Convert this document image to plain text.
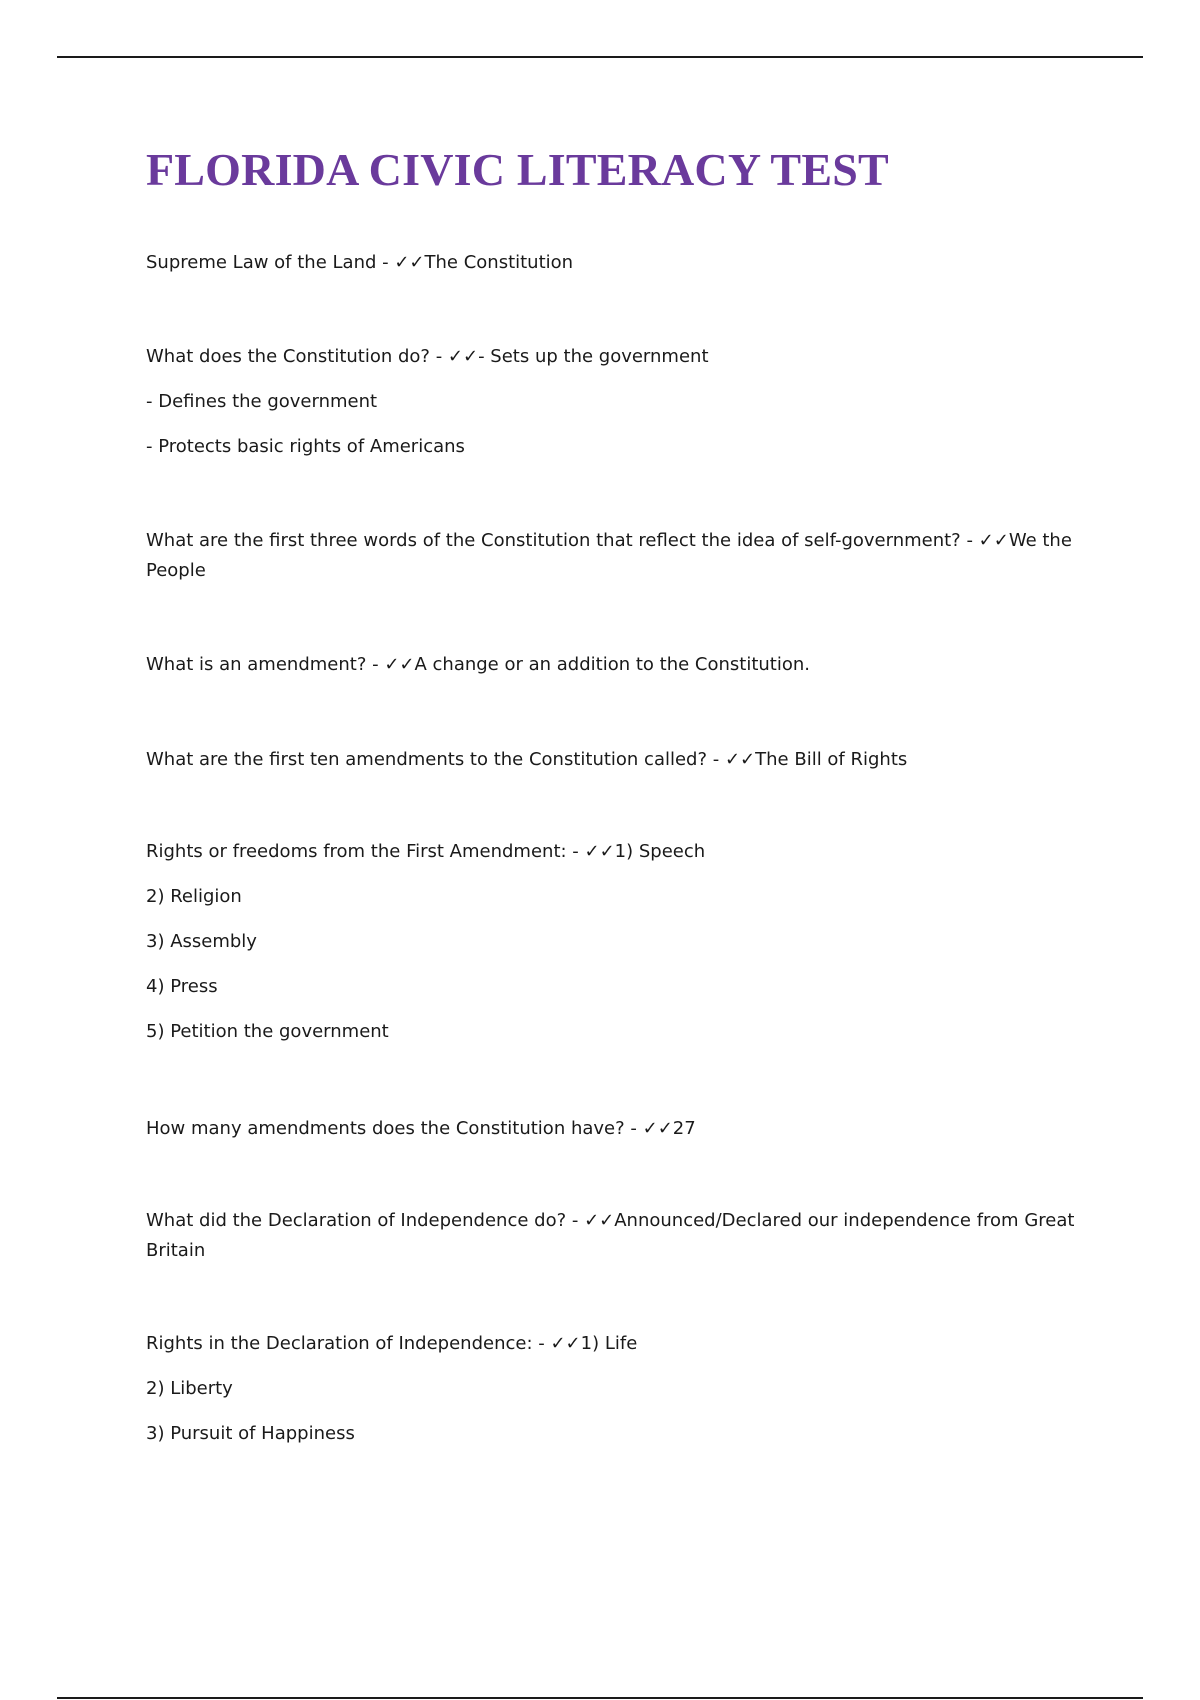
FLORIDA CIVIC LITERACY TEST

Supreme Law of the Land - ✓✓The Constitution

What does the Constitution do? - ✓✓- Sets up the government

- Defines the government

- Protects basic rights of Americans

What are the first three words of the Constitution that reflect the idea of self-government? - ✓✓We the People

What is an amendment? - ✓✓A change or an addition to the Constitution.

What are the first ten amendments to the Constitution called? - ✓✓The Bill of Rights

Rights or freedoms from the First Amendment: - ✓✓1) Speech

2) Religion

3) Assembly

4) Press

5) Petition the government

How many amendments does the Constitution have? - ✓✓27

What did the Declaration of Independence do? - ✓✓Announced/Declared our independence from Great Britain

Rights in the Declaration of Independence: - ✓✓1) Life

2) Liberty

3) Pursuit of Happiness
